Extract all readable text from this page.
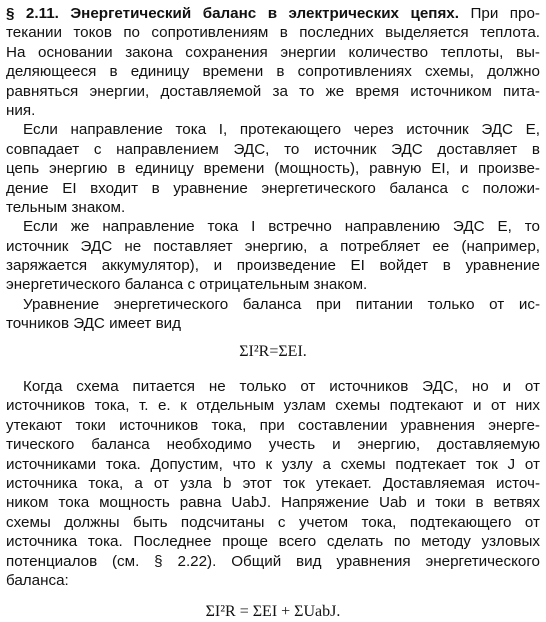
§ 2.11. Энергетический баланс в электрических цепях. При про-
текании токов по сопротивлениям в последних выделяется теплота.
На основании закона сохранения энергии количество теплоты, вы-
деляющееся в единицу времени в сопротивлениях схемы, должно
равняться энергии, доставляемой за то же время источником пита-
ния.
Если направление тока I, протекающего через источник ЭДС E,
совпадает с направлением ЭДС, то источник ЭДС доставляет в
цепь энергию в единицу времени (мощность), равную EI, и произве-
дение EI входит в уравнение энергетического баланса с положи-
тельным знаком.
Если же направление тока I встречно направлению ЭДС E, то
источник ЭДС не поставляет энергию, а потребляет ее (например,
заряжается аккумулятор), и произведение EI войдет в уравнение
энергетического баланса с отрицательным знаком.
Уравнение энергетического баланса при питании только от ис-
точников ЭДС имеет вид
ΣI²R=ΣEI.
Когда схема питается не только от источников ЭДС, но и от
источников тока, т. е. к отдельным узлам схемы подтекают и от них
утекают токи источников тока, при составлении уравнения энерге-
тического баланса необходимо учесть и энергию, доставляемую
источниками тока. Допустим, что к узлу a схемы подтекает ток J от
источника тока, а от узла b этот ток утекает. Доставляемая источ-
ником тока мощность равна UabJ. Напряжение Uab и токи в ветвях
схемы должны быть подсчитаны с учетом тока, подтекающего от
источника тока. Последнее проще всего сделать по методу узловых
потенциалов (см. § 2.22). Общий вид уравнения энергетического
баланса:
ΣI²R = ΣEI + ΣUabJ.
